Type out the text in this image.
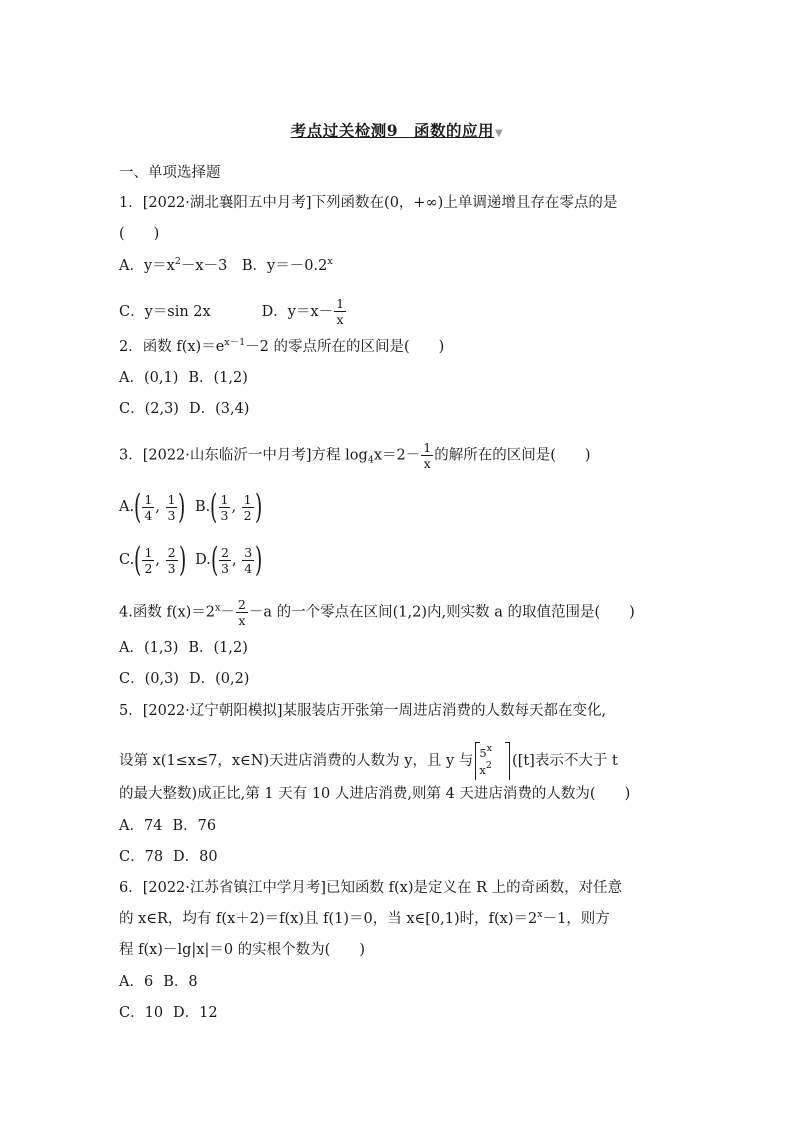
考点过关检测9　函数的应用▼
一、单项选择题
1．[2022·湖北襄阳五中月考]下列函数在(0，+∞)上单调递增且存在零点的是
(　　)
A．$y=x^2-x-3$ B．$y=-0.2^x$
C．y＝sin 2x	D．$y=x- \frac{1}{x}$
2．函数 $f(x)=e^{x-1}-2$ 的零点所在的区间是(　　)
A．(0,1) B．(1,2)
C．(2,3) D．(3,4)
3．[2022·山东临沂一中月考]方程 $\log_4x=2- \frac{1}{x}$ 的解所在的区间是(　　)
$A.( \frac{1}{4}$ , $\frac{1}{3}$ ) $B.( \frac{1}{3}$ , $\frac{1}{2}$ )
$C.( \frac{1}{2}$ , $\frac{2}{3}$ ) $D.( \frac{2}{3}$ , $\frac{3}{4}$ )
4.函数 $f(x)=2^x- \frac{2}{x} -a$ 的一个零点在区间(1,2)内,则实数 a 的取值范围是(　　)
A．(1,3) B．(1,2)
C．(0,3) D．(0,2)
5．[2022·辽宁朝阳模拟]某服装店开张第一周进店消费的人数每天都在变化,
设第 x(1≤x≤7，x∈N)天进店消费的人数为 y，且 y 与 5$^x$
$x^2$ ([t]表示不大于 t
的最大整数)成正比,第 1 天有 10 人进店消费,则第 4 天进店消费的人数为(　　)
A．74 B．76
C．78 D．80
6．[2022·江苏省镇江中学月考]已知函数 f(x)是定义在 R 上的奇函数，对任意
的 x∈R，均有 f(x＋2)＝f(x)且 f(1)＝0，当 x∈[0,1)时，$f(x)=2^x-1$，则方
程 f(x)－lg|x|＝0 的实根个数为(　　)
A．6 B．8
C．10 D．12
